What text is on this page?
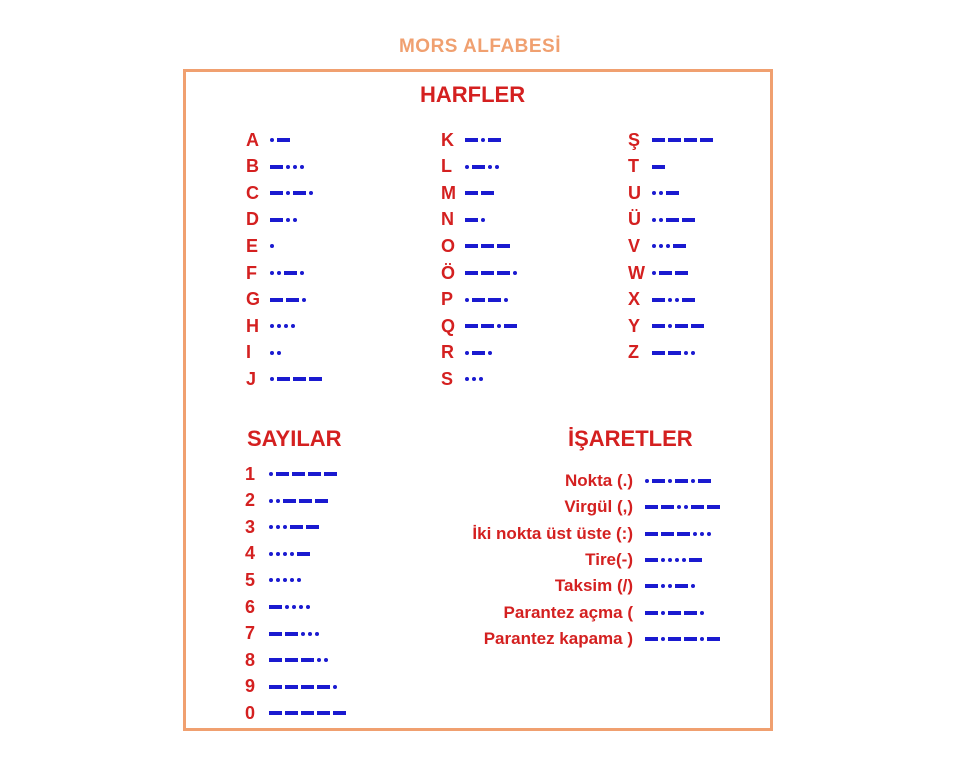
MORS ALFABESİ
HARFLER
SAYILAR	İŞARETLER
A
B
C
D
E
F
G
H
I
J
K
L
M
N
O
Ö
P
Q
R
S
Ş
T
U
Ü
V
W
X
Y
Z
1
2
3
4
5
6
7
8
9
0
Nokta (.)
Virgül (,)
İki nokta üst üste (:)
Tire(-)
Taksim (/)
Parantez açma (
Parantez kapama )
